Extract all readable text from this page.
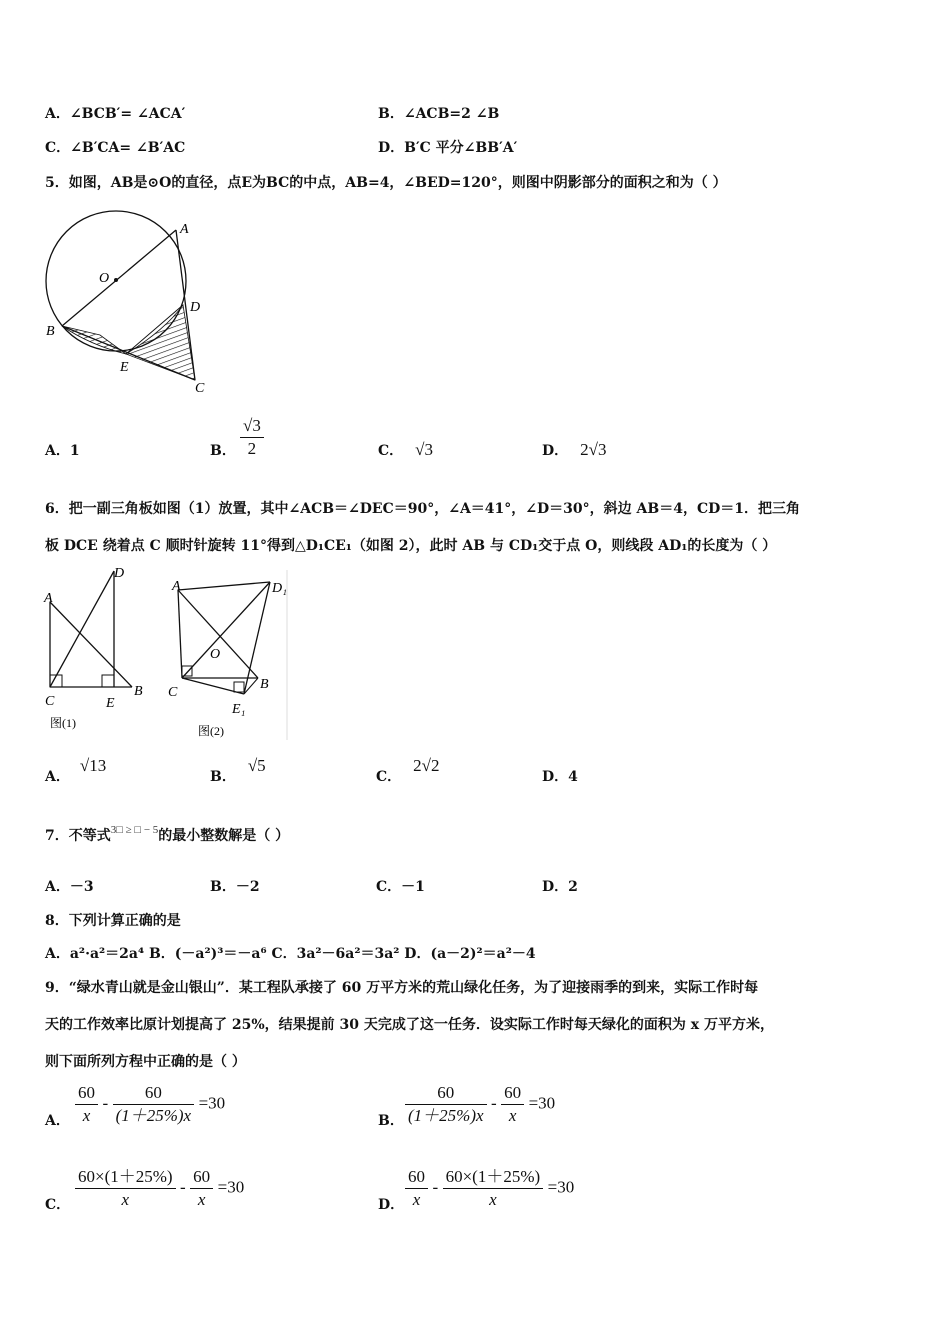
A．∠BCB′= ∠ACA′	B．∠ACB=2 ∠B
C．∠B′CA= ∠B′AC	D．B′C 平分∠BB′A′
5．如图，AB是⊙O的直径，点E为BC的中点，AB=4，∠BED=120°，则图中阴影部分的面积之和为（ ）
A
O
D
B
E
C
A．1	B． $\frac{√3}{2}$	C． √3	D． 2√3
6．把一副三角板如图（1）放置，其中∠ACB＝∠DEC＝90°，∠A＝41°，∠D＝30°，斜边 AB＝4，CD＝1．把三角
板 DCE 绕着点 C 顺时针旋转 11°得到△D₁CE₁（如图 2），此时 AB 与 CD₁交于点 O，则线段 AD₁的长度为（ ）
D
A
C	E
B
图(1)
A	D₁
O
C
B
E₁
图(2)
A．√13
B．√5
C．2√2
D．4
7．不等式$^{3□ \ge □ - 5}$的最小整数解是（ ）
A．－3	B．－2	C．－1	D．2
8．下列计算正确的是
A．a²·a²＝2a⁴ B．(－a²)³＝－a⁶ C．3a²－6a²＝3a² D．(a－2)²＝a²－4
9．“绿水青山就是金山银山”．某工程队承接了 60 万平方米的荒山绿化任务，为了迎接雨季的到来，实际工作时每
天的工作效率比原计划提高了 25%，结果提前 30 天完成了这一任务．设实际工作时每天绿化的面积为 x 万平方米，
则下面所列方程中正确的是（ ）
A． $\frac{60}{x} - \frac{60}{(1+25\%)x} =30$
B． $\frac{60}{(1+25\%)x} - \frac{60}{x} =30$
C． $\frac{60\times(1+25\%)}{x} - \frac{60}{x} =30$
D． $\frac{60}{x} - \frac{60\times(1+25\%)}{x} =30$
